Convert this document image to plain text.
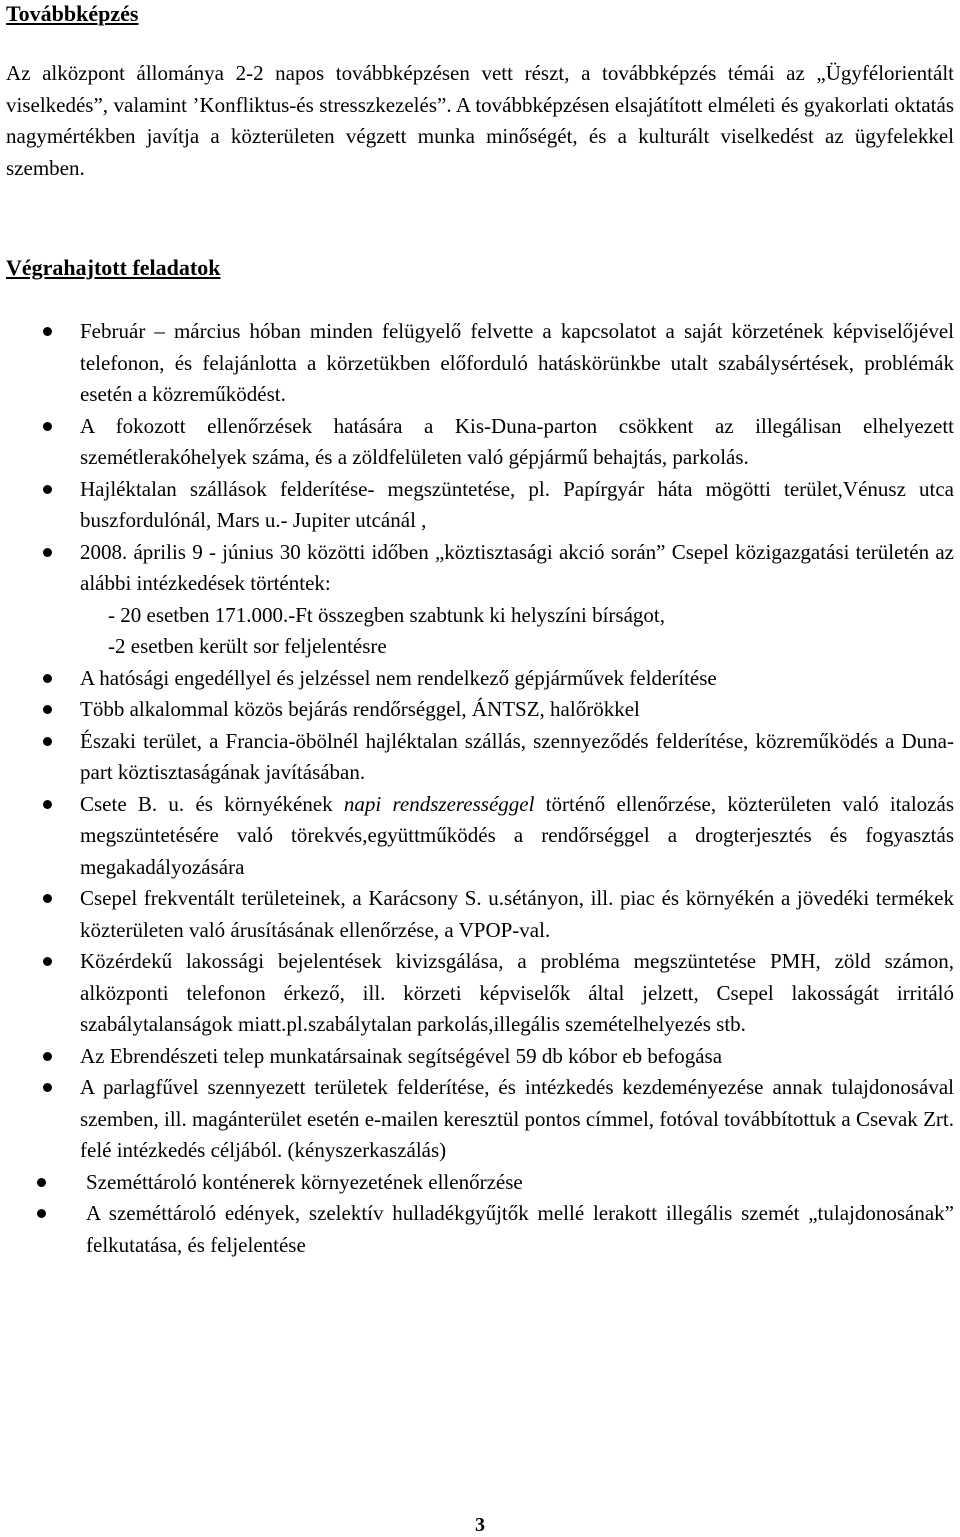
Továbbképzés

Az alközpont állománya 2-2 napos továbbképzésen vett részt, a továbbképzés témái az „Ügyfélorientált viselkedés”, valamint ’Konfliktus-és stresszkezelés”. A továbbképzésen elsajátított elméleti és gyakorlati oktatás nagymértékben javítja a közterületen végzett munka minőségét, és a kulturált viselkedést az ügyfelekkel szemben.

Végrahajtott feladatok
Február – március hóban minden felügyelő felvette a kapcsolatot a saját körzetének képviselőjével telefonon, és felajánlotta a körzetükben előforduló hatáskörünkbe utalt szabálysértések, problémák esetén a közreműködést.
A fokozott ellenőrzések hatására a Kis-Duna-parton csökkent az illegálisan elhelyezett szemétlerakóhelyek száma, és a zöldfelületen való gépjármű behajtás, parkolás.
Hajléktalan szállások felderítése- megszüntetése, pl. Papírgyár háta mögötti terület,Vénusz utca buszfordulónál, Mars u.- Jupiter utcánál ,
2008. április 9 - június 30 közötti időben „köztisztasági akció során” Csepel közigazgatási területén az alábbi intézkedések történtek:
- 20 esetben 171.000.-Ft összegben szabtunk ki helyszíni bírságot,
-2 esetben került sor feljelentésre
A hatósági engedéllyel és jelzéssel nem rendelkező gépjárművek felderítése
Több alkalommal közös bejárás rendőrséggel, ÁNTSZ, halőrökkel
Északi terület, a Francia-öbölnél hajléktalan szállás, szennyeződés felderítése, közreműködés a Duna-part köztisztaságának javításában.
Csete B. u. és környékének napi rendszerességgel történő ellenőrzése, közterületen való italozás megszüntetésére való törekvés,együttműködés a rendőrséggel a drogterjesztés és fogyasztás megakadályozására
Csepel frekventált területeinek, a Karácsony S. u.sétányon, ill. piac és környékén a jövedéki termékek közterületen való árusításának ellenőrzése, a VPOP-val.
Közérdekű lakossági bejelentések kivizsgálása, a probléma megszüntetése PMH, zöld számon, alközponti telefonon érkező, ill. körzeti képviselők által jelzett, Csepel lakosságát irritáló szabálytalanságok miatt.pl.szabálytalan parkolás,illegális szemételhelyezés stb.
Az Ebrendészeti telep munkatársainak segítségével 59 db kóbor eb befogása
A parlagfűvel szennyezett területek felderítése, és intézkedés kezdeményezése annak tulajdonosával szemben, ill. magánterület esetén e-mailen keresztül pontos címmel, fotóval továbbítottuk a Csevak Zrt. felé intézkedés céljából. (kényszerkaszálás)
Szeméttároló konténerek környezetének ellenőrzése
A szeméttároló edények, szelektív hulladékgyűjtők mellé lerakott illegális szemét „tulajdonosának” felkutatása, és feljelentése
3
